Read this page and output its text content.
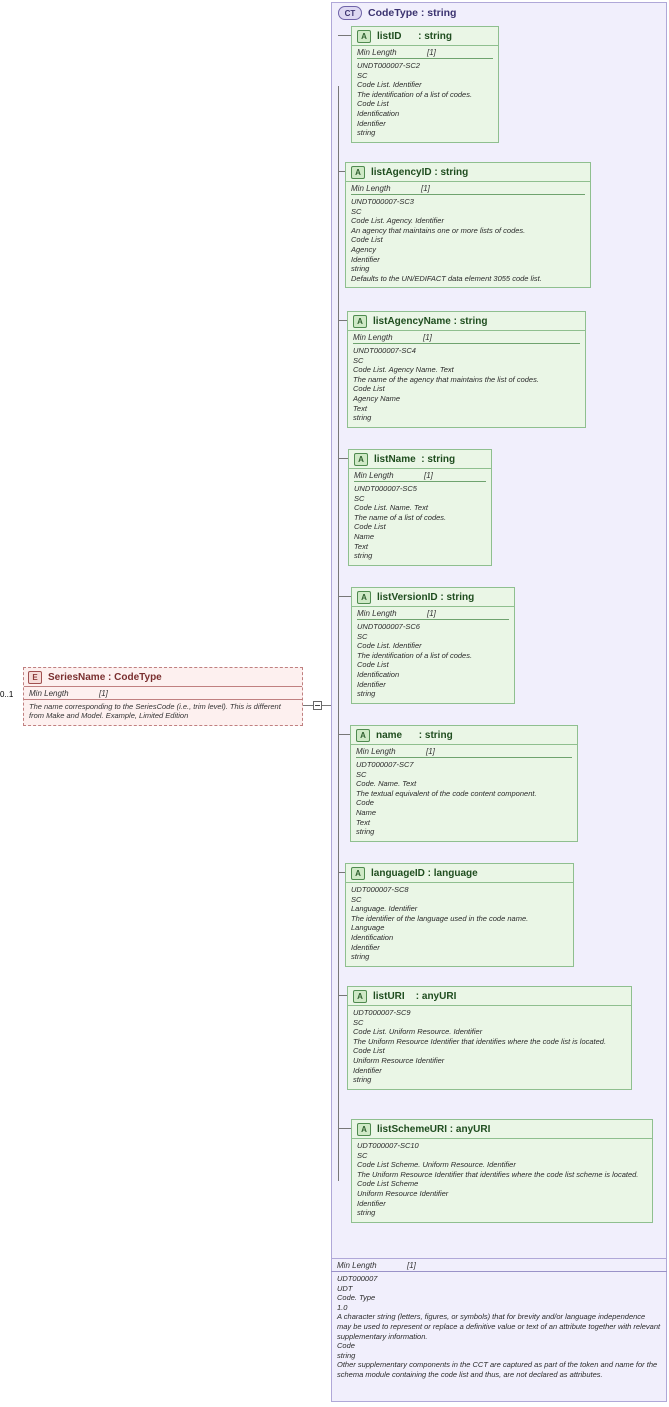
0..1
E	SeriesName : CodeType
Min Length	[1]
The name corresponding to the SeriesCode (i.e., trim level). This is different from Make and Model. Example, Limited Edition
CT	CodeType : string
A	listID      : string
Min Length	[1]
UNDT000007-SC2
SC
Code List. Identifier
The identification of a list of codes.
Code List
Identification
Identifier
string
A	listAgencyID : string
Min Length	[1]
UNDT000007-SC3
SC
Code List. Agency. Identifier
An agency that maintains one or more lists of codes.
Code List
Agency
Identifier
string
Defaults to the UN/EDIFACT data element 3055 code list.
A	listAgencyName : string
Min Length	[1]
UNDT000007-SC4
SC
Code List. Agency Name. Text
The name of the agency that maintains the list of codes.
Code List
Agency Name
Text
string
A	listName  : string
Min Length	[1]
UNDT000007-SC5
SC
Code List. Name. Text
The name of a list of codes.
Code List
Name
Text
string
A	listVersionID : string
Min Length	[1]
UNDT000007-SC6
SC
Code List. Identifier
The identification of a list of codes.
Code List
Identification
Identifier
string
A	name      : string
Min Length	[1]
UDT000007-SC7
SC
Code. Name. Text
The textual equivalent of the code content component.
Code
Name
Text
string
A	languageID : language
UDT000007-SC8
SC
Language. Identifier
The identifier of the language used in the code name.
Language
Identification
Identifier
string
A	listURI    : anyURI
UDT000007-SC9
SC
Code List. Uniform Resource. Identifier
The Uniform Resource Identifier that identifies where the code list is located.
Code List
Uniform Resource Identifier
Identifier
string
A	listSchemeURI : anyURI
UDT000007-SC10
SC
Code List Scheme. Uniform Resource. Identifier
The Uniform Resource Identifier that identifies where the code list scheme is located.
Code List Scheme
Uniform Resource Identifier
Identifier
string
Min Length	[1]
UDT000007
UDT
Code. Type
1.0
A character string (letters, figures, or symbols) that for brevity and/or language independence may be used to represent or replace a definitive value or text of an attribute together with relevant supplementary information.
Code
string
Other supplementary components in the CCT are captured as part of the token and name for the schema module containing the code list and thus, are not declared as attributes.
